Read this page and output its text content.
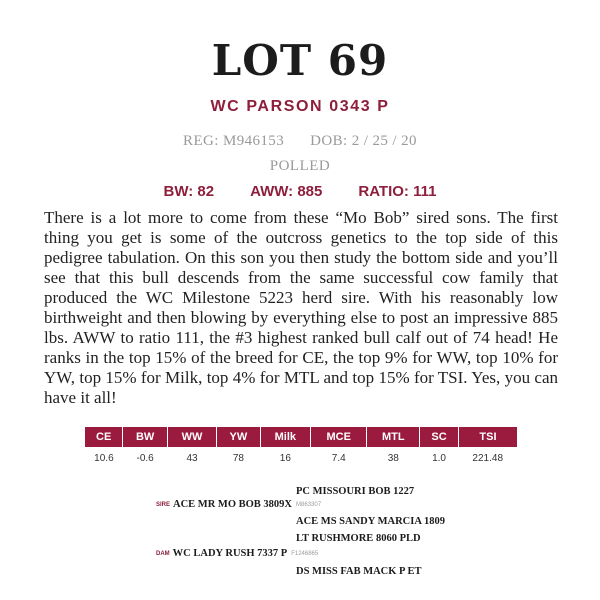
LOT 69
WC PARSON 0343 P
REG: M946153 DOB: 2 / 25 / 20
POLLED
BW: 82 AWW: 885 RATIO: 111

There is a lot more to come from these “Mo Bob” sired sons. The first thing you get is some of the outcross genetics to the top side of this pedigree tabulation. On this son you then study the bottom side and you’ll see that this bull descends from the same successful cow family that produced the WC Milestone 5223 herd sire. With his reasonably low birthweight and then blowing by everything else to post an impressive 885 lbs. AWW to ratio 111, the #3 highest ranked bull calf out of 74 head! He ranks in the top 15% of the breed for CE, the top 9% for WW, top 10% for YW, top 15% for Milk, top 4% for MTL and top 15% for TSI. Yes, you can have it all!

CE	BW	WW	YW	Milk	MCE	MTL	SC	TSI
10.6	-0.6	43	78	16	7.4	38	1.0	221.48
PC MISSOURI BOB 1227
SIRE ACE MR MO BOB 3809X M863307
ACE MS SANDY MARCIA 1809
LT RUSHMORE 8060 PLD
DAM WC LADY RUSH 7337 P F1246865
DS MISS FAB MACK P ET
